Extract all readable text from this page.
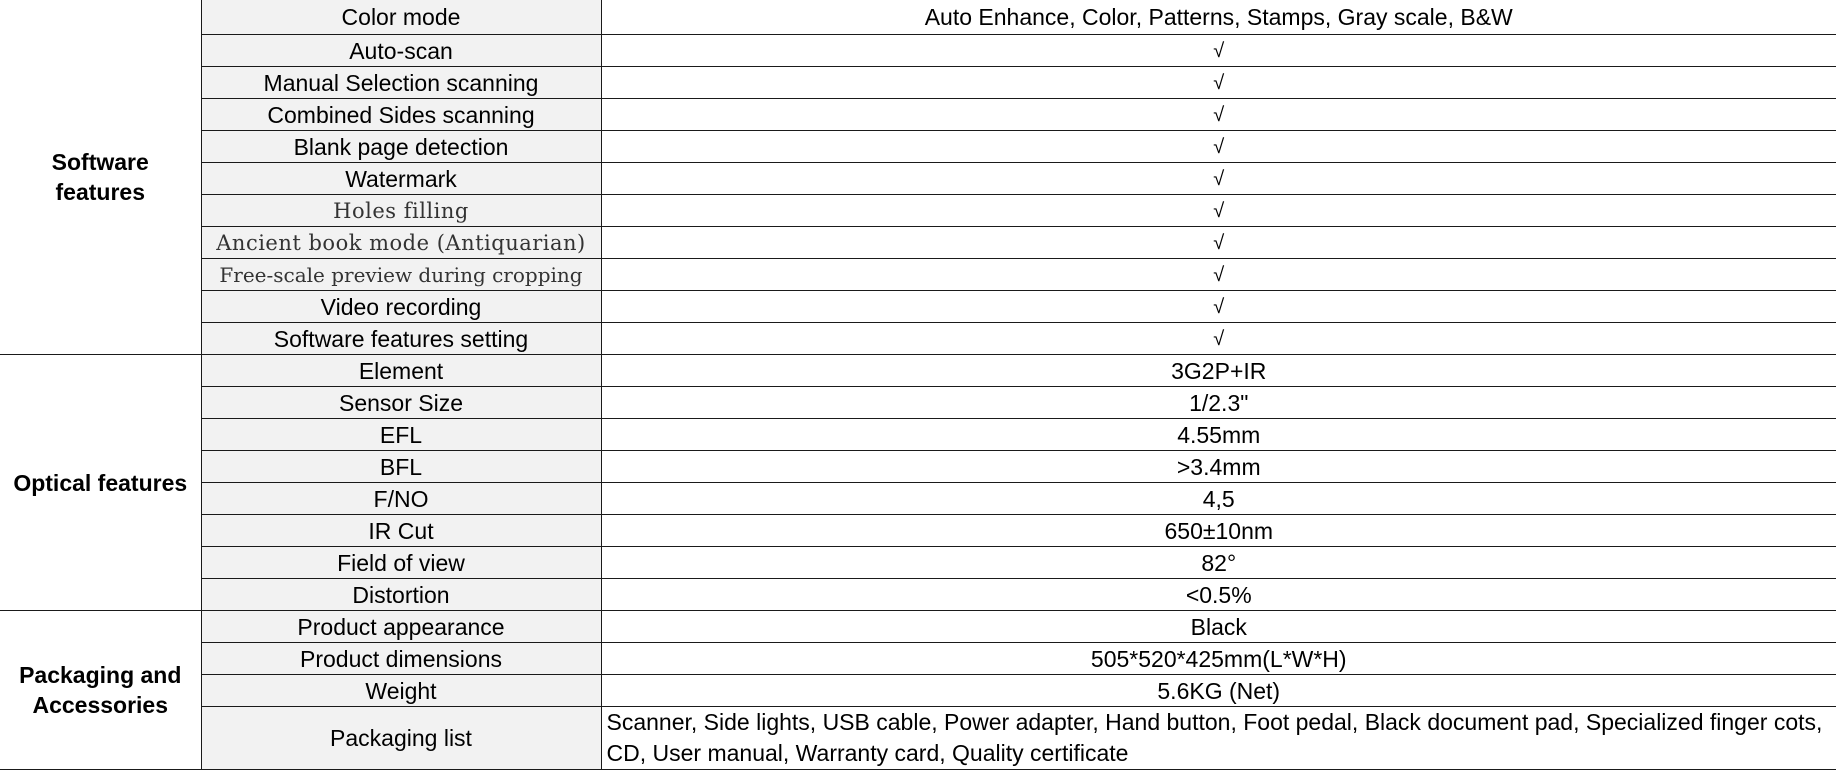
Software
features	Color mode	Auto Enhance, Color, Patterns, Stamps, Gray scale, B&W
	Auto-scan	√
	Manual Selection scanning	√
	Combined Sides scanning	√
	Blank page detection	√
	Watermark	√
	Holes filling	√
	Ancient book mode (Antiquarian)	√
	Free-scale preview during cropping	√
	Video recording	√
	Software features setting	√
Optical features	Element	3G2P+IR
	Sensor Size	1/2.3"
	EFL	4.55mm
	BFL	>3.4mm
	F/NO	4,5
	IR Cut	650±10nm
	Field of view	82°
	Distortion	<0.5%

Packaging and
Accessories	Product appearance	Black
	Product dimensions	505*520*425mm(L*W*H)
	Weight	5.6KG (Net)
	Packaging list	Scanner, Side lights, USB cable, Power adapter, Hand button, Foot pedal, Black document pad, Specialized finger cots, CD, User manual, Warranty card, Quality certificate
